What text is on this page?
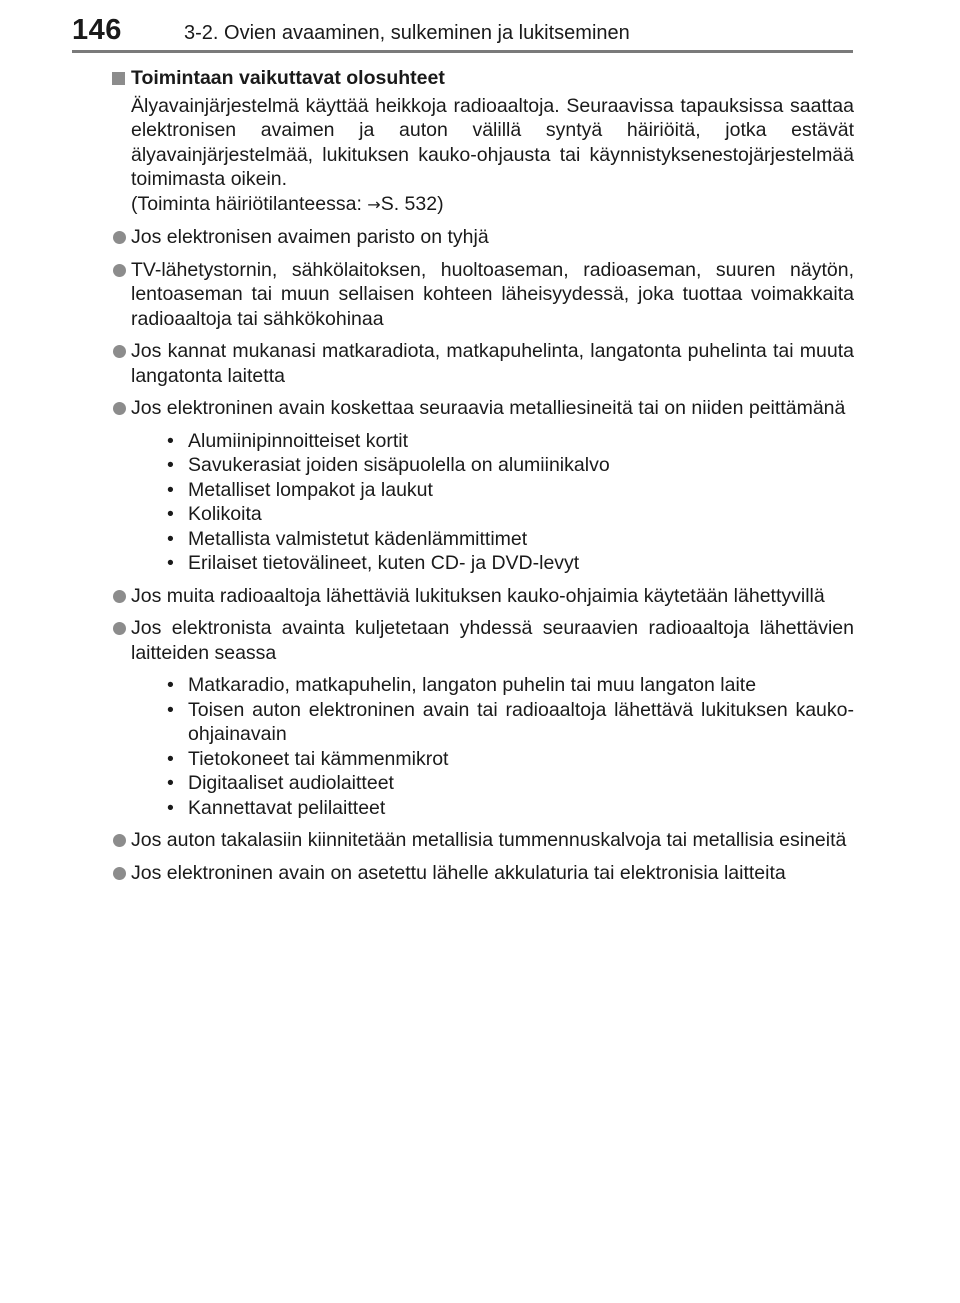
146	3-2. Ovien avaaminen, sulkeminen ja lukitseminen
Toimintaan vaikuttavat olosuhteet

Älyavainjärjestelmä käyttää heikkoja radioaaltoja. Seuraavissa tapauksissa saattaa elektronisen avaimen ja auton välillä syntyä häiriöitä, jotka estävät älyavainjärjestelmää, lukituksen kauko-ohjausta tai käynnistyksenestojärjestelmää toimimasta oikein.

(Toiminta häiriötilanteessa: →S. 532)

Jos elektronisen avaimen paristo on tyhjä
TV-lähetystornin, sähkölaitoksen, huoltoaseman, radioaseman, suuren näytön, lentoaseman tai muun sellaisen kohteen läheisyydessä, joka tuottaa voimakkaita radioaaltoja tai sähkökohinaa
Jos kannat mukanasi matkaradiota, matkapuhelinta, langatonta puhelinta tai muuta langatonta laitetta
Jos elektroninen avain koskettaa seuraavia metalliesineitä tai on niiden peittämänä
• Alumiinipinnoitteiset kortit
• Savukerasiat joiden sisäpuolella on alumiinikalvo
• Metalliset lompakot ja laukut
• Kolikoita
• Metallista valmistetut kädenlämmittimet
• Erilaiset tietovälineet, kuten CD- ja DVD-levyt
Jos muita radioaaltoja lähettäviä lukituksen kauko-ohjaimia käytetään lähettyvillä
Jos elektronista avainta kuljetetaan yhdessä seuraavien radioaaltoja lähettävien laitteiden seassa
• Matkaradio, matkapuhelin, langaton puhelin tai muu langaton laite
• Toisen auton elektroninen avain tai radioaaltoja lähettävä lukituksen kauko-ohjainavain
• Tietokoneet tai kämmenmikrot
• Digitaaliset audiolaitteet
• Kannettavat pelilaitteet
Jos auton takalasiin kiinnitetään metallisia tummennuskalvoja tai metallisia esineitä
Jos elektroninen avain on asetettu lähelle akkulaturia tai elektronisia laitteita
